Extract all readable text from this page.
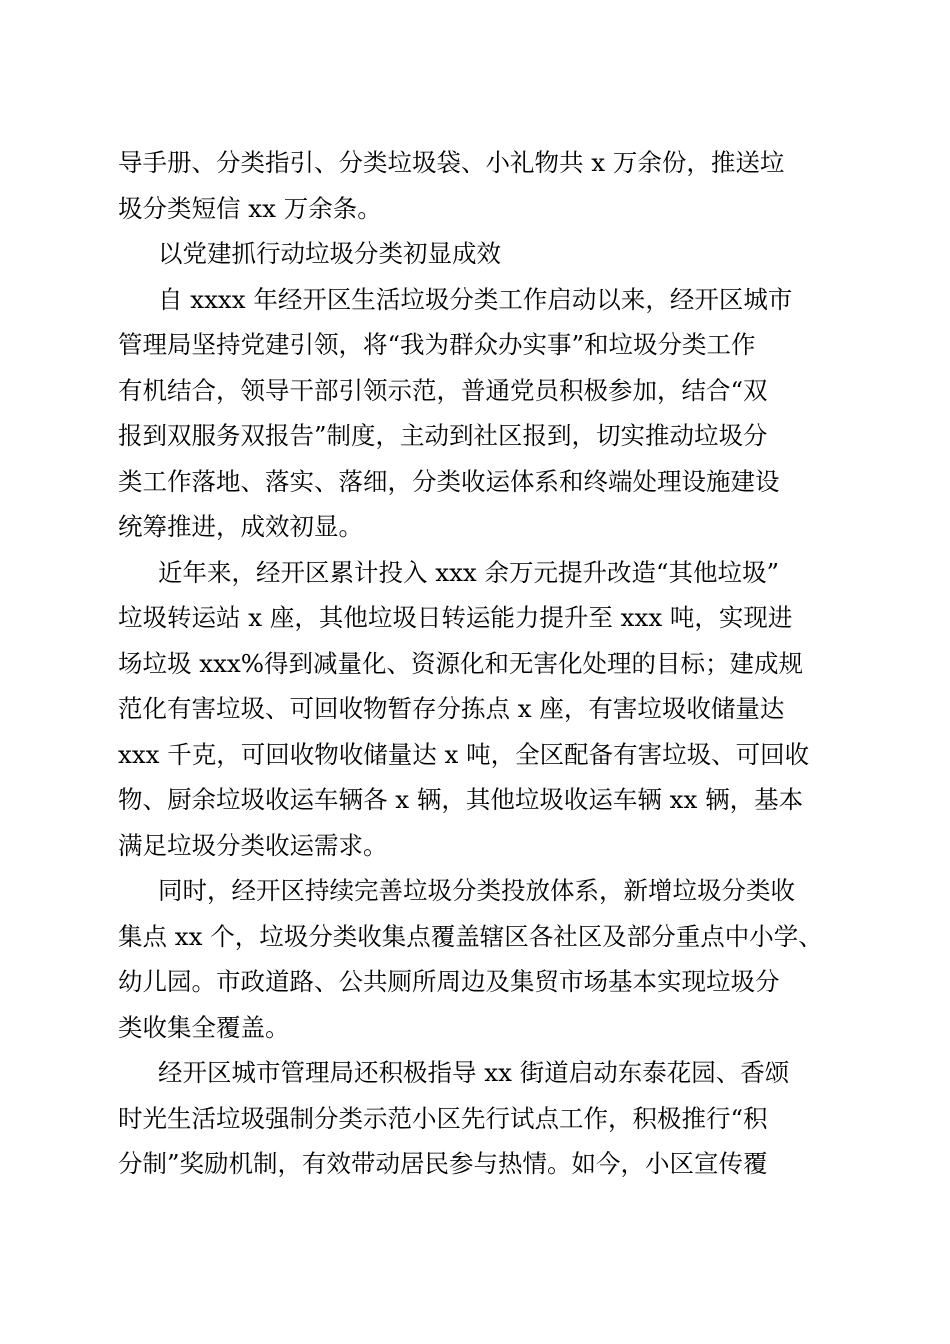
导手册、分类指引、分类垃圾袋、小礼物共 x 万余份，推送垃
圾分类短信 xx 万余条。

以党建抓行动垃圾分类初显成效

自 xxxx 年经开区生活垃圾分类工作启动以来，经开区城市
管理局坚持党建引领，将“我为群众办实事”和垃圾分类工作
有机结合，领导干部引领示范，普通党员积极参加，结合“双
报到双服务双报告”制度，主动到社区报到，切实推动垃圾分
类工作落地、落实、落细，分类收运体系和终端处理设施建设
统筹推进，成效初显。

近年来，经开区累计投入 xxx 余万元提升改造“其他垃圾”
垃圾转运站 x 座，其他垃圾日转运能力提升至 xxx 吨，实现进
场垃圾 xxx%得到减量化、资源化和无害化处理的目标；建成规
范化有害垃圾、可回收物暂存分拣点 x 座，有害垃圾收储量达
xxx 千克，可回收物收储量达 x 吨，全区配备有害垃圾、可回收
物、厨余垃圾收运车辆各 x 辆，其他垃圾收运车辆 xx 辆，基本
满足垃圾分类收运需求。

同时，经开区持续完善垃圾分类投放体系，新增垃圾分类收
集点 xx 个，垃圾分类收集点覆盖辖区各社区及部分重点中小学、
幼儿园。市政道路、公共厕所周边及集贸市场基本实现垃圾分
类收集全覆盖。

经开区城市管理局还积极指导 xx 街道启动东泰花园、香颂
时光生活垃圾强制分类示范小区先行试点工作，积极推行“积
分制”奖励机制，有效带动居民参与热情。如今，小区宣传覆
